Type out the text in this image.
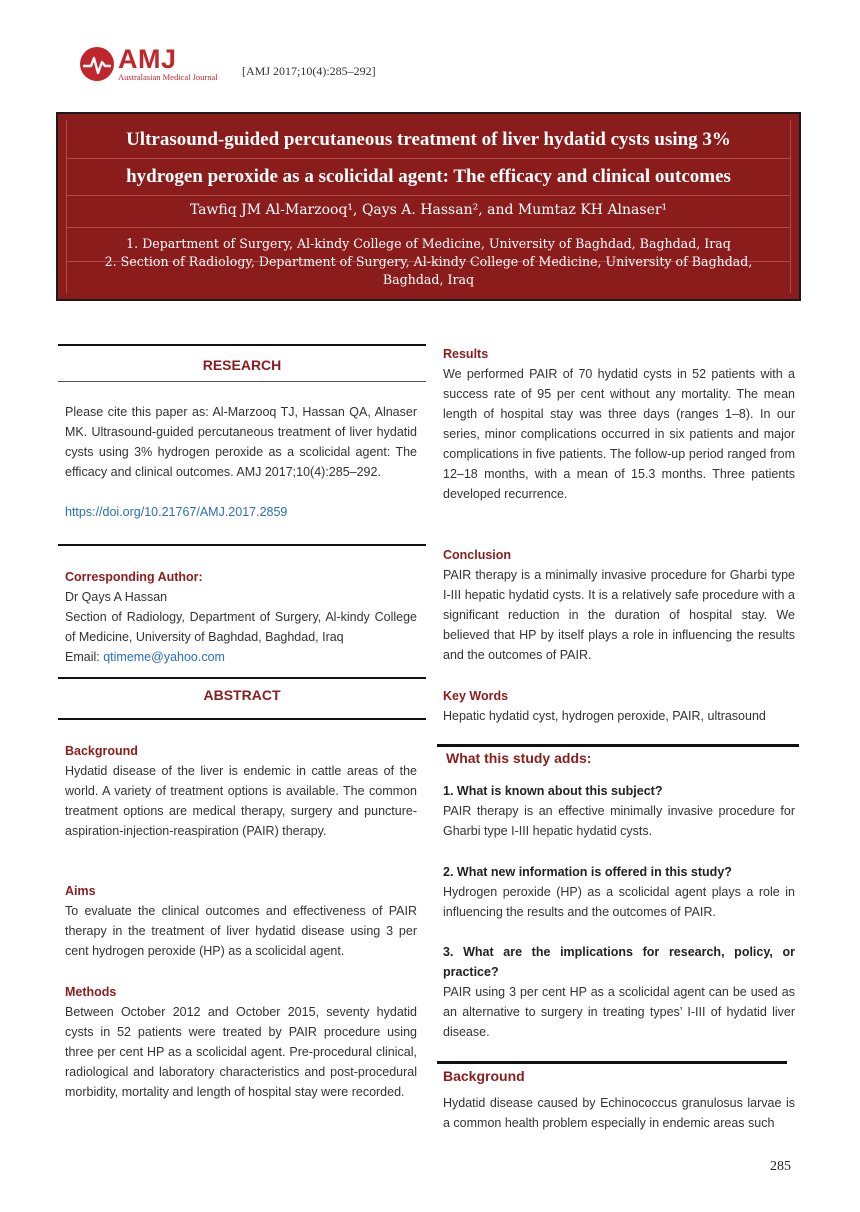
AMJ
Australasian Medical Journal [AMJ 2017;10(4):285–292]
Ultrasound-guided percutaneous treatment of liver hydatid cysts using 3%
hydrogen peroxide as a scolicidal agent: The efficacy and clinical outcomes
Tawfiq JM Al-Marzooq¹, Qays A. Hassan², and Mumtaz KH Alnaser¹
1. Department of Surgery, Al-kindy College of Medicine, University of Baghdad, Baghdad, Iraq
2. Section of Radiology, Department of Surgery, Al-kindy College of Medicine, University of Baghdad,
Baghdad, Iraq
RESEARCH
Please cite this paper as: Al-Marzooq TJ, Hassan QA, Alnaser MK. Ultrasound-guided percutaneous treatment of liver hydatid cysts using 3% hydrogen peroxide as a scolicidal agent: The efficacy and clinical outcomes. AMJ 2017;10(4):285–292.
https://doi.org/10.21767/AMJ.2017.2859
Corresponding Author:
Dr Qays A Hassan
Section of Radiology, Department of Surgery, Al-kindy College of Medicine, University of Baghdad, Baghdad, Iraq
Email: qtimeme@yahoo.com
ABSTRACT
Background
Hydatid disease of the liver is endemic in cattle areas of the world. A variety of treatment options is available. The common treatment options are medical therapy, surgery and puncture-aspiration-injection-reaspiration (PAIR) therapy.
Aims
To evaluate the clinical outcomes and effectiveness of PAIR therapy in the treatment of liver hydatid disease using 3 per cent hydrogen peroxide (HP) as a scolicidal agent.
Methods
Between October 2012 and October 2015, seventy hydatid cysts in 52 patients were treated by PAIR procedure using three per cent HP as a scolicidal agent. Pre-procedural clinical, radiological and laboratory characteristics and post-procedural morbidity, mortality and length of hospital stay were recorded.
Results
We performed PAIR of 70 hydatid cysts in 52 patients with a success rate of 95 per cent without any mortality. The mean length of hospital stay was three days (ranges 1–8). In our series, minor complications occurred in six patients and major complications in five patients. The follow-up period ranged from 12–18 months, with a mean of 15.3 months. Three patients developed recurrence.
Conclusion
PAIR therapy is a minimally invasive procedure for Gharbi type I-III hepatic hydatid cysts. It is a relatively safe procedure with a significant reduction in the duration of hospital stay. We believed that HP by itself plays a role in influencing the results and the outcomes of PAIR.
Key Words
Hepatic hydatid cyst, hydrogen peroxide, PAIR, ultrasound
What this study adds:
1. What is known about this subject?
PAIR therapy is an effective minimally invasive procedure for Gharbi type I-III hepatic hydatid cysts.
2. What new information is offered in this study?
Hydrogen peroxide (HP) as a scolicidal agent plays a role in influencing the results and the outcomes of PAIR.
3. What are the implications for research, policy, or practice?
PAIR using 3 per cent HP as a scolicidal agent can be used as an alternative to surgery in treating types’ I-III of hydatid liver disease.
Background
Hydatid disease caused by Echinococcus granulosus larvae is a common health problem especially in endemic areas such
285
